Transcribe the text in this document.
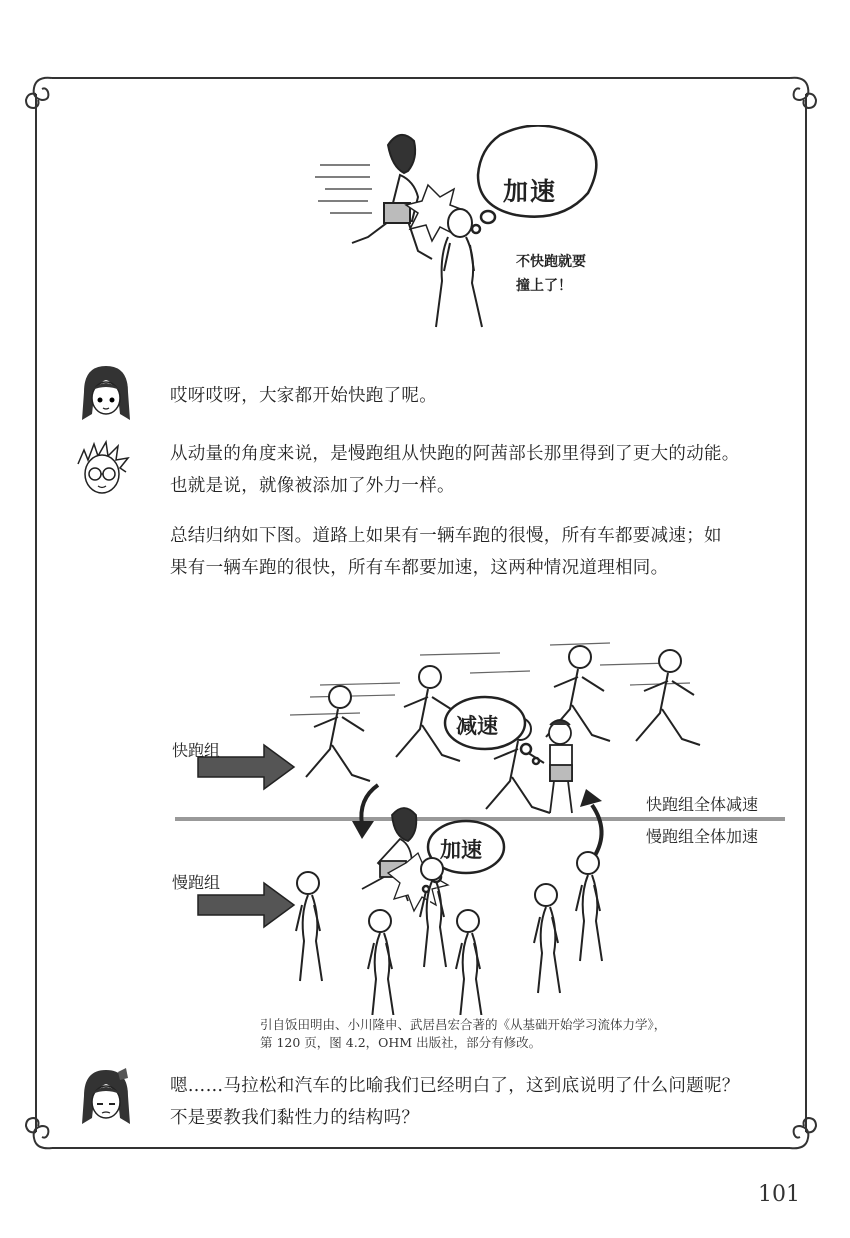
加速
不快跑就要
撞上了！
哎呀哎呀，大家都开始快跑了呢。
从动量的角度来说，是慢跑组从快跑的阿茜部长那里得到了更大的动能。
也就是说，就像被添加了外力一样。
总结归纳如下图。道路上如果有一辆车跑的很慢，所有车都要减速；如
果有一辆车跑的很快，所有车都要加速，这两种情况道理相同。
快跑组
慢跑组
减速
加速
快跑组全体减速
慢跑组全体加速
引自饭田明由、小川隆申、武居昌宏合著的《从基础开始学习流体力学》，
第 120 页，图 4.2，OHM 出版社，部分有修改。
嗯……马拉松和汽车的比喻我们已经明白了，这到底说明了什么问题呢？
不是要教我们黏性力的结构吗？
101
